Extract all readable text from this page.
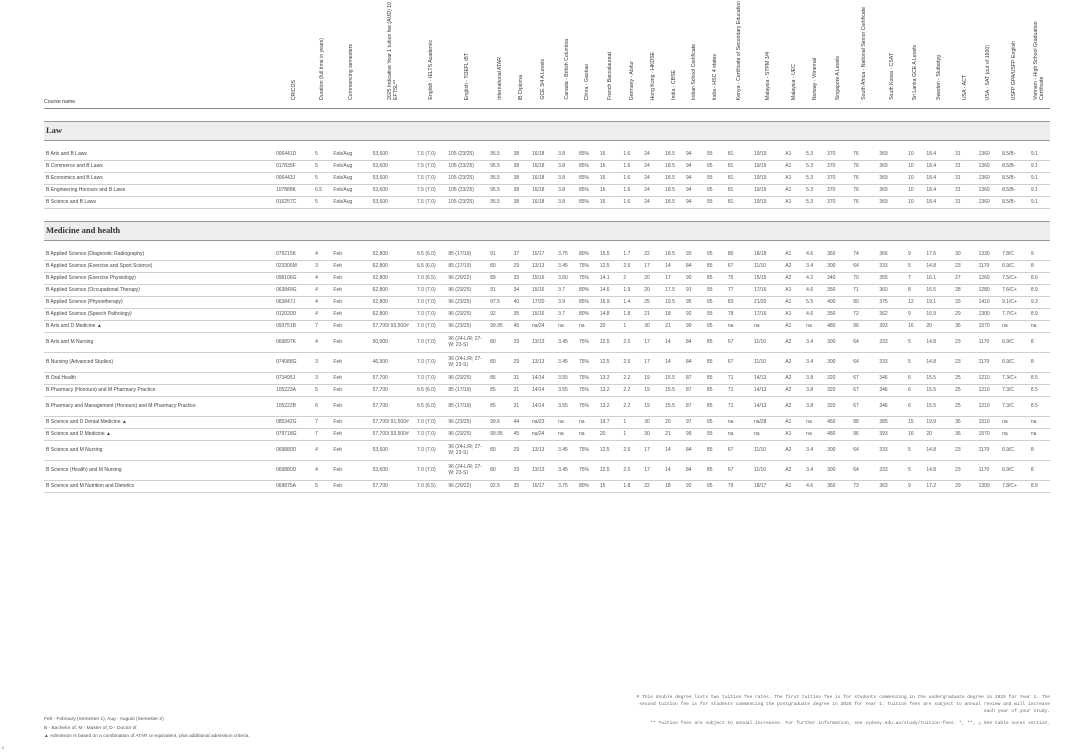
Course name	CRICOS	Duration (full time in years)	Commencing semesters	2025 Indicative Year 1 tuition fee (AUD) 10 EFTSL**	English - IELTS Academic	English - TOEFL iBT	International ATAR	IB Diploma	GCE 3/4 A Levels	Canada - British Columbia	China - Gaokao	French Baccalaureat	Germany - Abitur	Hong Kong - HKDSE	India - CBSE	Indian School Certificate	India - HSC 4 states	Kenya - Certificate of Secondary Education	Malaysia - STPM 3/4	Malaysia - UEC	Norway - Vitnemal	Singapore A Levels	South Africa - National Senior Certificate	South Korea - CSAT	Sri Lanka GCE A Levels	Sweden - Slutbetyg	USA - ACT	USA - SAT (out of 1600)	USFP GPA/USFP English	Vietnam - High School Graduation Certificate

Law																														

B Arts and B Laws	006441D	5	Feb/Aug	53,600	7.5 (7.0)	105 (23/25)	95.5	38	16/18	3.8	85%	16	1.6	24	18.5	94	95	81	19/19	A1	5.3	370	76	369	10	18.4	31	1360	8.5/B-	9.1
B Commerce and B Laws	017835F	5	Feb/Aug	53,600	7.5 (7.0)	105 (23/25)	95.5	38	16/18	3.8	85%	16	1.6	24	18.5	94	95	81	19/19	A1	5.3	370	76	369	10	18.4	31	1360	8.5/B-	9.1
B Economics and B Laws	006443J	5	Feb/Aug	53,600	7.5 (7.0)	105 (23/25)	95.5	38	16/18	3.8	85%	16	1.6	24	18.5	94	95	81	19/19	A1	5.3	370	76	369	10	18.4	31	1360	8.5/B-	9.1
B Engineering Honours and B Laws	107888K	6.5	Feb/Aug	53,600	7.5 (7.0)	105 (23/25)	95.5	38	16/18	3.8	85%	16	1.6	24	18.5	94	95	81	19/19	A1	5.3	370	76	369	10	18.4	31	1360	8.5/B-	9.1
B Science and B Laws	016257C	5	Feb/Aug	53,600	7.5 (7.0)	105 (23/25)	95.5	38	16/18	3.8	85%	16	1.6	24	18.5	94	95	81	19/19	A1	5.3	370	76	369	10	18.4	31	1360	8.5/B-	9.1

Medicine and health																														

B Applied Science (Diagnostic Radiography)	079215K	4	Feb	62,800	6.5 (6.0)	85 (17/19)	91	37	16/17	3.75	80%	15.5	1.7	22	18.5	93	95	80	18/18	A1	4.6	360	74	366	9	17.6	30	1330	7.8/C	9
B Applied Science (Exercise and Sport Science)	023306M	3	Feb	62,800	6.5 (6.0)	85 (17/19)	80	29	13/13	3.45	75%	12.5	2.5	17	14	84	85	67	11/10	A2	3.4	300	64	333	5	14.8	23	1170	6.9/C	8
B Applied Science (Exercise Physiology)	098106G	4	Feb	62,800	7.0 (6.5)	96 (20/22)	89	33	15/16	3.60	75%	14.1	2	20	17	90	85	75	15/15	A2	4.2	340	70	355	7	16.1	27	1260	7.5/C+	8.6
B Applied Science (Occupational Therapy)	063849G	4	Feb	62,800	7.0 (7.0)	96 (23/25)	91	34	15/16	3.7	80%	14.6	1.9	20	17.5	91	95	77	17/16	A1	4.6	350	71	360	8	16.5	28	1280	7.6/C+	8.9
B Applied Science (Physiotherapy)	063847J	4	Feb	62,800	7.0 (7.0)	96 (23/25)	97.5	40	17/20	3.9	85%	16.9	1.4	25	19.5	95	95	83	21/20	A1	5.5	400	80	375	12	19.1	33	1410	9.1/C+	9.3
B Applied Science (Speech Pathology)	012020D	4	Feb	62,800	7.0 (7.0)	96 (23/25)	92	35	15/16	3.7	80%	14.8	1.8	21	18	92	95	78	17/16	A1	4.6	350	72	362	9	16.9	29	1300	7.7/C+	8.9
B Arts and D Medicine ▲	093751B	7	Feb	57,700/ 93,500#	7.0 (7.0)	96 (23/25)	99.95	45	na/24	na	na	20	1	30	21	99	95	na	na	A1	na	480	96	393	16	20	36	1570	na	na
B Arts and M Nursing	069897K	4	Feb	50,000	7.0 (7.0)	96 (24-L/R; 27-W; 23-S)	80	29	13/13	3.45	75%	12.5	2.5	17	14	84	85	67	11/10	A2	3.4	300	64	333	5	14.8	23	1170	6.9/C	8
B Nursing (Advanced Studies)	074088G	3	Feb	46,900	7.0 (7.0)	96 (24-L/R; 27-W; 23-S)	80	29	13/13	3.45	75%	12.5	2.5	17	14	84	85	67	11/10	A2	3.4	300	64	333	5	14.8	23	1170	6.9/C	8
B Oral Health	073495J	3	Feb	57,700	7.0 (7.0)	96 (23/25)	85	31	14/14	3.55	75%	13.2	2.2	19	15.5	87	85	71	14/13	A2	3.8	320	67	346	6	15.5	25	1210	7.3/C+	8.5
B Pharmacy (Honours) and M Pharmacy Practice	105223A	5	Feb	57,700	6.5 (6.0)	85 (17/19)	85	31	14/14	3.55	75%	13.2	2.2	19	15.5	87	85	71	14/13	A2	3.8	320	67	346	6	15.5	25	1210	7.3/C	8.5
B Pharmacy and Management (Honours) and M Pharmacy Practice	105222B	6	Feb	57,700	6.5 (6.0)	85 (17/19)	85	31	14/14	3.55	75%	13.2	2.2	19	15.5	87	85	71	14/13	A2	3.8	320	67	346	6	15.5	25	1210	7.3/C	8.5
B Science and D Dental Medicine ▲	085342G	7	Feb	57,700/ 91,500#	7.0 (7.0)	96 (23/25)	99.6	44	na/23	na	na	19.7	1	30	20	97	95	na	na/28	A1	na	460	88	385	15	19.9	36	1510	na	na
B Science and D Medicine ▲	079718G	7	Feb	57,700/ 93,500#	7.0 (7.0)	96 (23/25)	99.95	45	na/24	na	na	20	1	30	21	99	95	na	na	A1	na	480	96	393	16	20	36	1570	na	na
B Science and M Nursing	069880D	4	Feb	53,600	7.0 (7.0)	96 (24-L/R; 27-W; 23-S)	80	29	13/13	3.45	75%	12.5	2.5	17	14	84	85	67	11/10	A2	3.4	300	64	333	5	14.8	23	1170	6.9/C	8
B Science (Health) and M Nursing	069880D	4	Feb	53,600	7.0 (7.0)	96 (24-L/R; 27-W; 23-S)	80	29	13/13	3.45	75%	12.5	2.5	17	14	84	85	67	11/10	A2	3.4	300	64	333	5	14.8	23	1170	6.9/C	8
B Science and M Nutrition and Dietetics	069875A	5	Feb	57,700	7.0 (6.5)	96 (20/22)	92.5	35	16/17	3.75	80%	15	1.8	22	18	92	95	79	18/17	A1	4.6	360	73	363	9	17.2	29	1300	7.8/C+	8.9
Feb - February (Semester 1), Aug - August (Semester 2)
B - Bachelor of, M - Master of, D - Doctor of
▲ Admission is based on a combination of ATAR or equivalent, plus additional admission criteria.

# This double degree lists two tuition fee rates. The first tuition fee is for students commencing in the undergraduate degree in 2025 for Year 1. The second tuition fee is for students commencing the postgraduate degree in 2025 for Year 1. Tuition fees are subject to annual review and will increase each year of your study.

** Tuition fees are subject to annual increases. For further information, see sydney.edu.au/study/tuition-fees. *, **, △ See table notes section.

6
